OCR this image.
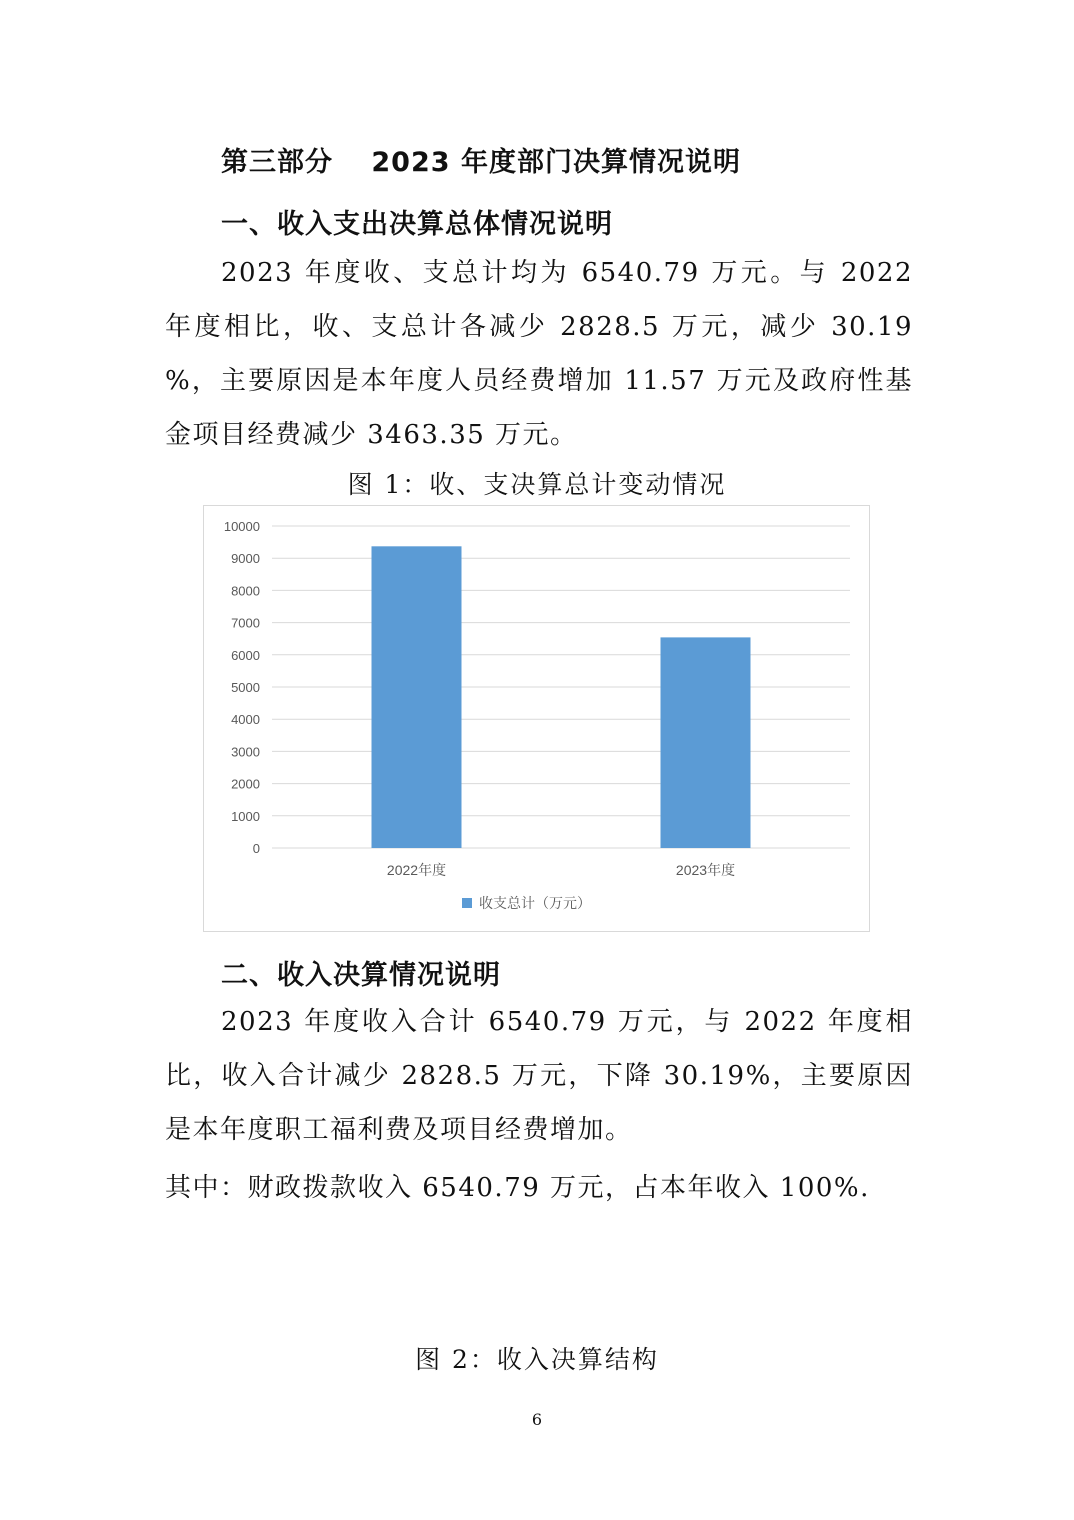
第三部分　 2023 年度部门决算情况说明
一、收入支出决算总体情况说明
2023 年度收、支总计均为 6540.79 万元。与 2022 年度相比，收、支总计各减少 2828.5 万元，减少 30.19 %，主要原因是本年度人员经费增加 11.57 万元及政府性基金项目经费减少 3463.35 万元。
图 1：收、支决算总计变动情况
0
1000
2000
3000
4000
5000
6000
7000
8000
9000
10000
2022年度	2023年度
收支总计（万元）
二、收入决算情况说明
2023 年度收入合计 6540.79 万元，与 2022 年度相比，收入合计减少 2828.5 万元，下降 30.19%，主要原因是本年度职工福利费及项目经费增加。
其中：财政拨款收入 6540.79 万元，占本年收入 100%.
图 2：收入决算结构
6
